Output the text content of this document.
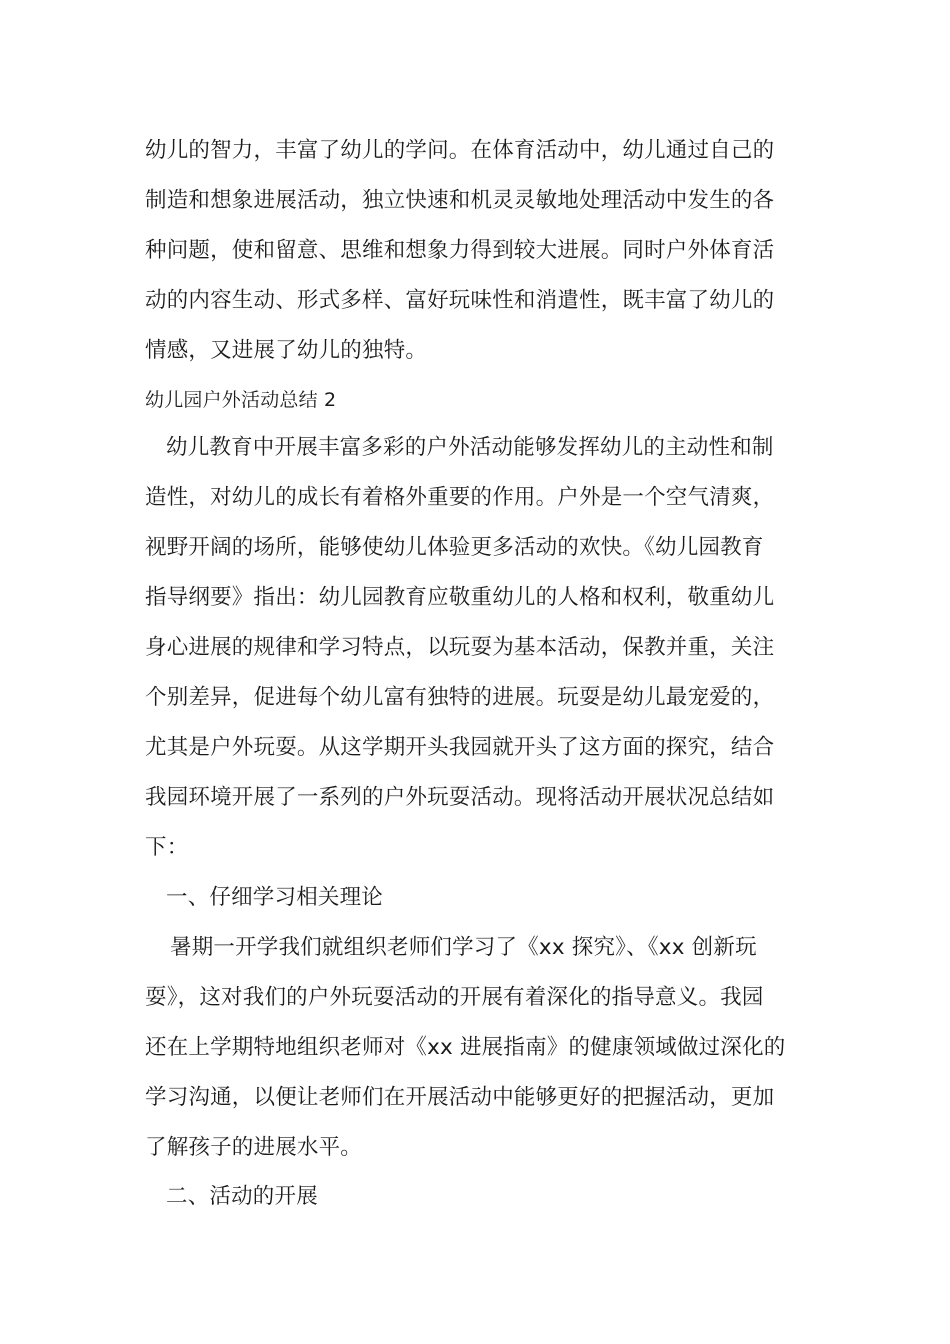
幼儿的智力，丰富了幼儿的学问。在体育活动中，幼儿通过自己的
制造和想象进展活动，独立快速和机灵灵敏地处理活动中发生的各
种问题，使和留意、思维和想象力得到较大进展。同时户外体育活
动的内容生动、形式多样、富好玩味性和消遣性，既丰富了幼儿的
情感，又进展了幼儿的独特。
幼儿园户外活动总结 2
幼儿教育中开展丰富多彩的户外活动能够发挥幼儿的主动性和制
造性，对幼儿的成长有着格外重要的作用。户外是一个空气清爽，
视野开阔的场所，能够使幼儿体验更多活动的欢快。《幼儿园教育
指导纲要》指出：幼儿园教育应敬重幼儿的人格和权利，敬重幼儿
身心进展的规律和学习特点，以玩耍为基本活动，保教并重，关注
个别差异，促进每个幼儿富有独特的进展。玩耍是幼儿最宠爱的，
尤其是户外玩耍。从这学期开头我园就开头了这方面的探究，结合
我园环境开展了一系列的户外玩耍活动。现将活动开展状况总结如
下：
一、仔细学习相关理论
暑期一开学我们就组织老师们学习了《xx 探究》、《xx 创新玩
耍》，这对我们的户外玩耍活动的开展有着深化的指导意义。我园
还在上学期特地组织老师对《xx 进展指南》的健康领域做过深化的
学习沟通，以便让老师们在开展活动中能够更好的把握活动，更加
了解孩子的进展水平。
二、活动的开展
